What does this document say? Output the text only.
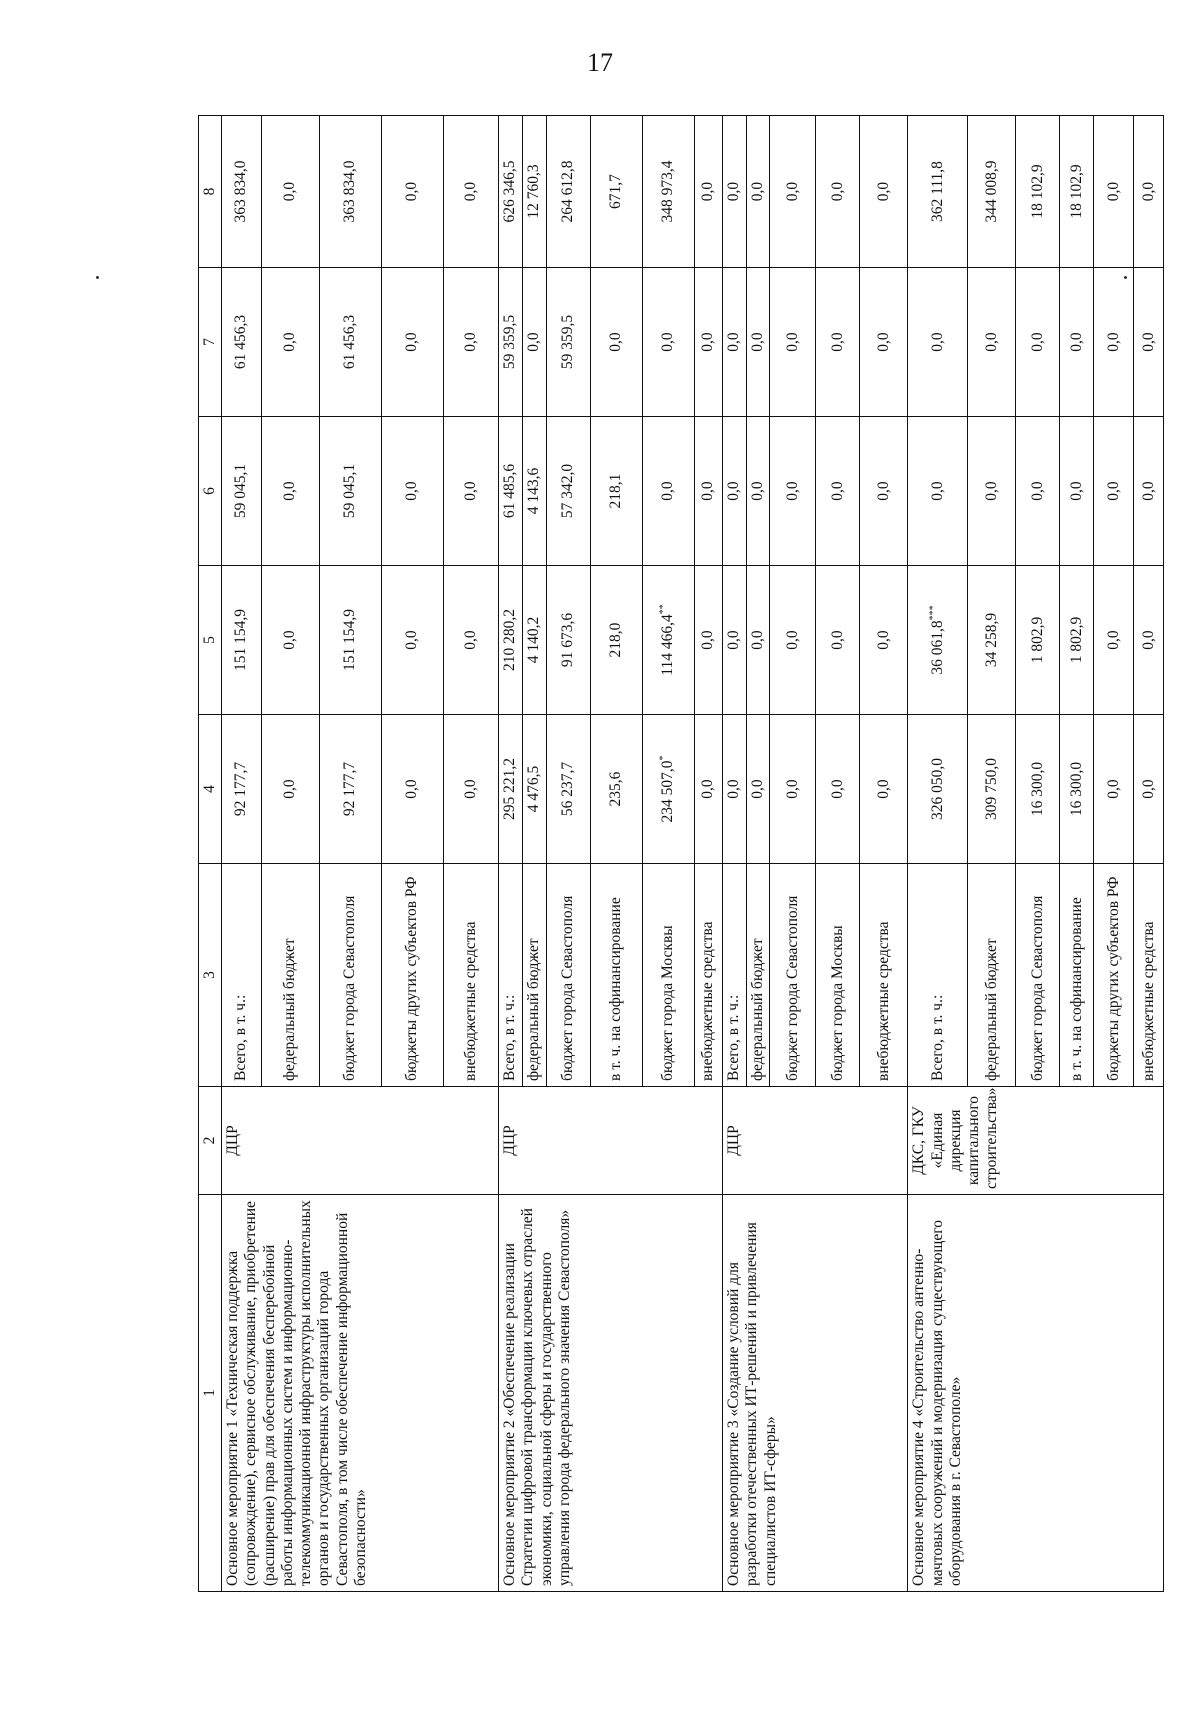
17
1	2	3	4	5	6	7	8
Основное мероприятие 1 «Техническая поддержка (сопровождение), сервисное обслуживание, приобретение (расширение) прав для обеспечения бесперебойной работы информационных систем и информационно-телекоммуникационной инфраструктуры исполнительных органов и государственных организаций города Севастополя, в том числе обеспечение информационной безопасности»	ДЦР	Всего, в т. ч.:	92 177,7	151 154,9	59 045,1	61 456,3	363 834,0
		федеральный бюджет	0,0	0,0	0,0	0,0	0,0
		бюджет города Севастополя	92 177,7	151 154,9	59 045,1	61 456,3	363 834,0
		бюджеты других субъектов РФ	0,0	0,0	0,0	0,0	0,0
		внебюджетные средства	0,0	0,0	0,0	0,0	0,0
Основное мероприятие 2 «Обеспечение реализации Стратегии цифровой трансформации ключевых отраслей экономики, социальной сферы и государственного управления города федерального значения Севастополя»	ДЦР	Всего, в т. ч.:	295 221,2	210 280,2	61 485,6	59 359,5	626 346,5
		федеральный бюджет	4 476,5	4 140,2	4 143,6	0,0	12 760,3
		бюджет города Севастополя	56 237,7	91 673,6	57 342,0	59 359,5	264 612,8
		в т. ч. на софинансирование	235,6	218,0	218,1	0,0	671,7
		бюджет города Москвы	234 507,0*	114 466,4**	0,0	0,0	348 973,4
		внебюджетные средства	0,0	0,0	0,0	0,0	0,0
Основное мероприятие 3 «Создание условий для разработки отечественных ИТ-решений и привлечения специалистов ИТ-сферы»	ДЦР	Всего, в т. ч.:	0,0	0,0	0,0	0,0	0,0
		федеральный бюджет	0,0	0,0	0,0	0,0	0,0
		бюджет города Севастополя	0,0	0,0	0,0	0,0	0,0
		бюджет города Москвы	0,0	0,0	0,0	0,0	0,0
		внебюджетные средства	0,0	0,0	0,0	0,0	0,0
Основное мероприятие 4 «Строительство антенно-мачтовых сооружений и модернизация существующего оборудования в г. Севастополе»	ДКС, ГКУ «Единая дирекция капитального строительства»	Всего, в т. ч.:	326 050,0	36 061,8***	0,0	0,0	362 111,8
		федеральный бюджет	309 750,0	34 258,9	0,0	0,0	344 008,9
		бюджет города Севастополя	16 300,0	1 802,9	0,0	0,0	18 102,9
		в т. ч. на софинансирование	16 300,0	1 802,9	0,0	0,0	18 102,9
		бюджеты других субъектов РФ	0,0	0,0	0,0	0,0	0,0
		внебюджетные средства	0,0	0,0	0,0	0,0	0,0
